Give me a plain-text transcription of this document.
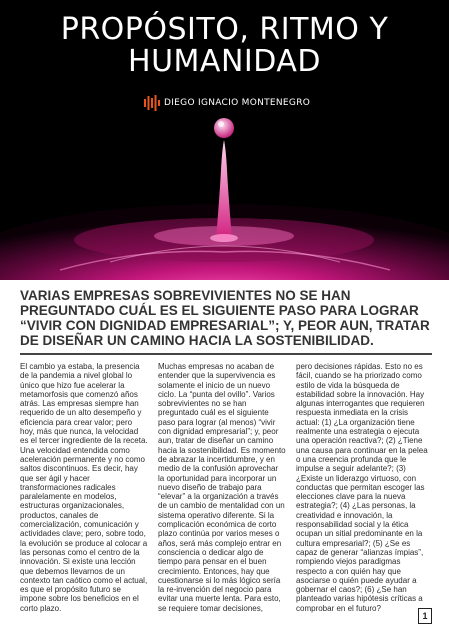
PROPÓSITO, RITMO Y
HUMANIDAD
DIEGO IGNACIO MONTENEGRO

VARIAS EMPRESAS SOBREVIVIENTES NO SE HAN PREGUNTADO CUÁL ES EL SIGUIENTE PASO PARA LOGRAR “VIVIR CON DIGNIDAD EMPRESARIAL”; Y, PEOR AUN, TRATAR DE DISEÑAR UN CAMINO HACIA LA SOSTENIBILIDAD.

El cambio ya estaba, la presencia de la pandemia a nivel global lo único que hizo fue acelerar la metamorfosis que comenzó años atrás. Las empresas siempre han requerido de un alto desempeño y eficiencia para crear valor; pero hoy, más que nunca, la velocidad es el tercer ingrediente de la receta. Una velocidad entendida como aceleración permanente y no como saltos discontinuos. Es decir, hay que ser ágil y hacer transformaciones radicales paralelamente en modelos, estructuras organizacionales, productos, canales de comercialización, comunicación y actividades clave; pero, sobre todo, la evolución se produce al colocar a las personas como el centro de la innovación. Si existe una lección que debemos llevarnos de un contexto tan caótico como el actual, es que el propósito futuro se impone sobre los beneficios en el corto plazo.

Muchas empresas no acaban de entender que la supervivencia es solamente el inicio de un nuevo ciclo. La “punta del ovillo”. Varios sobrevivientes no se han preguntado cuál es el siguiente paso para lograr (al menos) “vivir con dignidad empresarial”; y, peor aun, tratar de diseñar un camino hacia la sostenibilidad. Es momento de abrazar la incertidumbre, y en medio de la confusión aprovechar la oportunidad para incorporar un nuevo diseño de trabajo para “elevar” a la organización a través de un cambio de mentalidad con un sistema operativo diferente. Si la complicación económica de corto plazo continúa por varios meses o años, será más complejo entrar en consciencia o dedicar algo de tiempo para pensar en el buen crecimiento. Entonces, hay que cuestionarse si lo más lógico sería la re-invención del negocio para evitar una muerte lenta. Para esto, se requiere tomar decisiones,

pero decisiones rápidas. Esto no es fácil, cuando se ha priorizado como estilo de vida la búsqueda de estabilidad sobre la innovación. Hay algunas interrogantes que requieren respuesta inmediata en la crisis actual: (1) ¿La organización tiene realmente una estrategia o ejecuta una operación reactiva?; (2) ¿Tiene una causa para continuar en la pelea o una creencia profunda que le impulse a seguir adelante?; (3) ¿Existe un liderazgo virtuoso, con conductas que permitan escoger las elecciones clave para la nueva estrategia?; (4) ¿Las personas, la creatividad e innovación, la responsabilidad social y la ética ocupan un sitial predominante en la cultura empresarial?; (5) ¿Se es capaz de generar “alianzas ímpias”, rompiendo viejos paradigmas respecto a con quién hay que asociarse o quién puede ayudar a gobernar el caos?; (6) ¿Se han planteado varias hipótesis críticas a comprobar en el futuro?

1
